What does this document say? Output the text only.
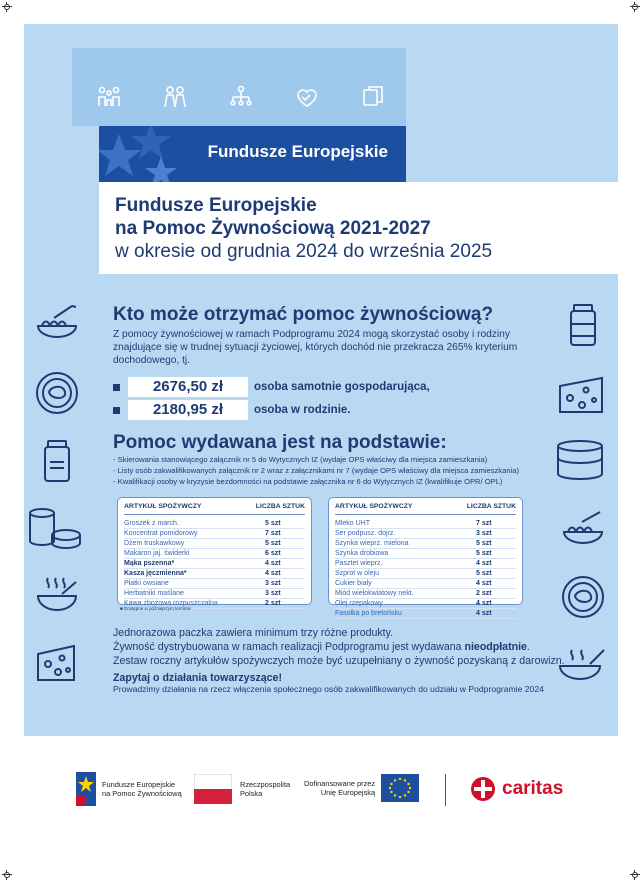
Fundusze Europejskie
Fundusze Europejskie
na Pomoc Żywnościową 2021-2027
w okresie od grudnia 2024 do września 2025
Kto może otrzymać pomoc żywnościową?

Z pomocy żywnościowej w ramach Podprogramu 2024 mogą skorzystać osoby i rodziny znajdujące się w trudnej sytuacji życiowej, których dochód nie przekracza 265% kryterium dochodowego, tj.

2676,50 zł	osoba samotnie gospodarująca,
2180,95 zł	osoba w rodzinie.
Pomoc wydawana jest na podstawie:
- Skierowania stanowiącego załącznik nr 5 do Wytycznych IZ (wydaje OPS właściwy dla miejsca zamieszkania)
- Listy osób zakwalifikowanych załącznik nr 2 wraz z załącznikami nr 7 (wydaje OPS właściwy dla miejsca zamieszkania)
- Kwalifikacji osoby w kryzysie bezdomności na podstawie załącznika nr 6 do Wytycznych IZ (kwalifikuje OPR/ OPL)
ARTYKUŁ SPOŻYWCZY	LICZBA SZTUK
Groszek z march.	5 szt
Koncentrat pomidorowy	7 szt
Dżem truskawkowy	5 szt
Makaron jaj. świderki	6 szt
Mąka pszenna*	4 szt
Kasza jęczmienna*	4 szt
Płatki owsiane	3 szt
Herbatniki maślane	3 szt
Kawa zbożowa rozpuszczalna	2 szt
ARTYKUŁ SPOŻYWCZY	LICZBA SZTUK
Mleko UHT	7 szt
Ser podpusz. dojrz.	3 szt
Szynka wieprz. mielona	5 szt
Szynka drobiowa	5 szt
Pasztet wieprz.	4 szt
Szprot w oleju	5 szt
Cukier biały	4 szt
Miód wielokwiatowy nekt.	2 szt
Olej rzepakowy	4 szt
Fasolka po bretońsku	4 szt
■ Dostępne w późniejszym terminie
Jednorazowa paczka zawiera minimum trzy różne produkty.
Żywność dystrybuowana w ramach realizacji Podprogramu jest wydawana nieodpłatnie.
Zestaw roczny artykułów spożywczych może być uzupełniany o żywność pozyskaną z darowizn.
Zapytaj o działania towarzyszące!
Prowadzimy działania na rzecz włączenia społecznego osób zakwalifikowanych do udziału w Podprogramie 2024
Fundusze Europejskie
na Pomoc Żywnościową
Rzeczpospolita
Polska
Dofinansowane przez
Unię Europejską	caritas
